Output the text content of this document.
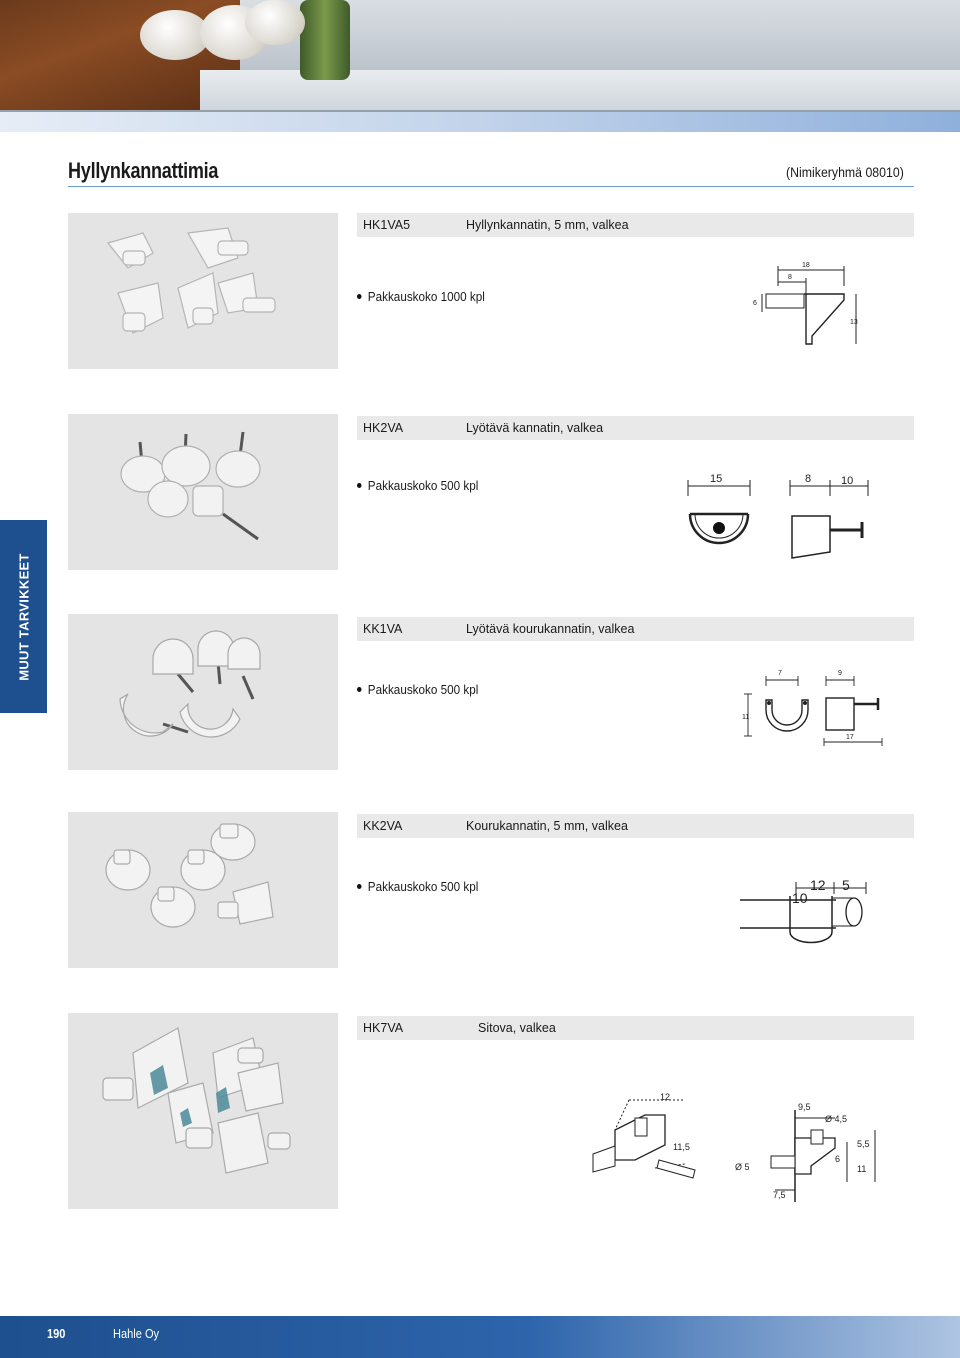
Hyllynkannattimia	(Nimikeryhmä 08010)
MUUT TARVIKKEET
HK1VA5	Hyllynkannatin, 5 mm, valkea
Pakkauskoko 1000 kpl
18
8
6
13
HK2VA	Lyötävä kannatin, valkea
Pakkauskoko 500 kpl	15	8	10
KK1VA	Lyötävä kourukannatin, valkea
Pakkauskoko 500 kpl
7	9
11
17
KK2VA	Kourukannatin, 5 mm, valkea
Pakkauskoko 500 kpl	12 5
10
HK7VA	Sitova, valkea
12
11,5
Ø 5
9,5
Ø 4,5
5,5
6
11
7,5
190	Hahle Oy
